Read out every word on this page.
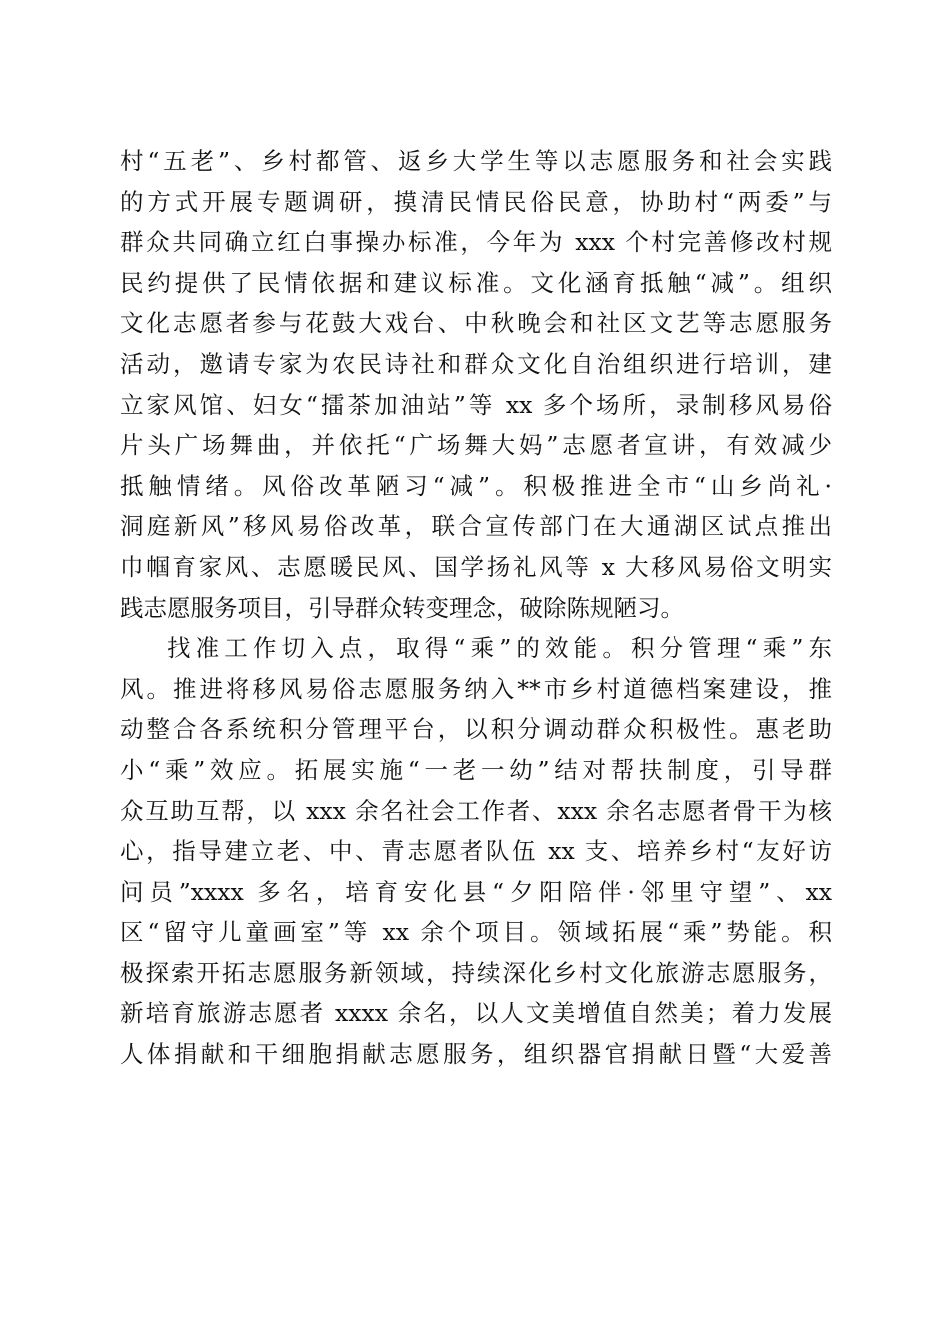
村“五老”、乡村都管、返乡大学生等以志愿服务和社会实践
的方式开展专题调研，摸清民情民俗民意，协助村“两委”与
群众共同确立红白事操办标准，今年为 xxx 个村完善修改村规
民约提供了民情依据和建议标准。文化涵育抵触“减”。组织
文化志愿者参与花鼓大戏台、中秋晚会和社区文艺等志愿服务
活动，邀请专家为农民诗社和群众文化自治组织进行培训，建
立家风馆、妇女“擂茶加油站”等 xx 多个场所，录制移风易俗
片头广场舞曲，并依托“广场舞大妈”志愿者宣讲，有效减少
抵触情绪。风俗改革陋习“减”。积极推进全市“山乡尚礼·
洞庭新风”移风易俗改革，联合宣传部门在大通湖区试点推出
巾帼育家风、志愿暖民风、国学扬礼风等 x 大移风易俗文明实
践志愿服务项目，引导群众转变理念，破除陈规陋习。
找准工作切入点，取得“乘”的效能。积分管理“乘”东
风。推进将移风易俗志愿服务纳入**市乡村道德档案建设，推
动整合各系统积分管理平台，以积分调动群众积极性。惠老助
小“乘”效应。拓展实施“一老一幼”结对帮扶制度，引导群
众互助互帮，以 xxx 余名社会工作者、xxx 余名志愿者骨干为核
心，指导建立老、中、青志愿者队伍 xx 支、培养乡村“友好访
问员”xxxx 多名，培育安化县“夕阳陪伴·邻里守望”、xx
区“留守儿童画室”等 xx 余个项目。领域拓展“乘”势能。积
极探索开拓志愿服务新领域，持续深化乡村文化旅游志愿服务，
新培育旅游志愿者 xxxx 余名，以人文美增值自然美；着力发展
人体捐献和干细胞捐献志愿服务，组织器官捐献日暨“大爱善
